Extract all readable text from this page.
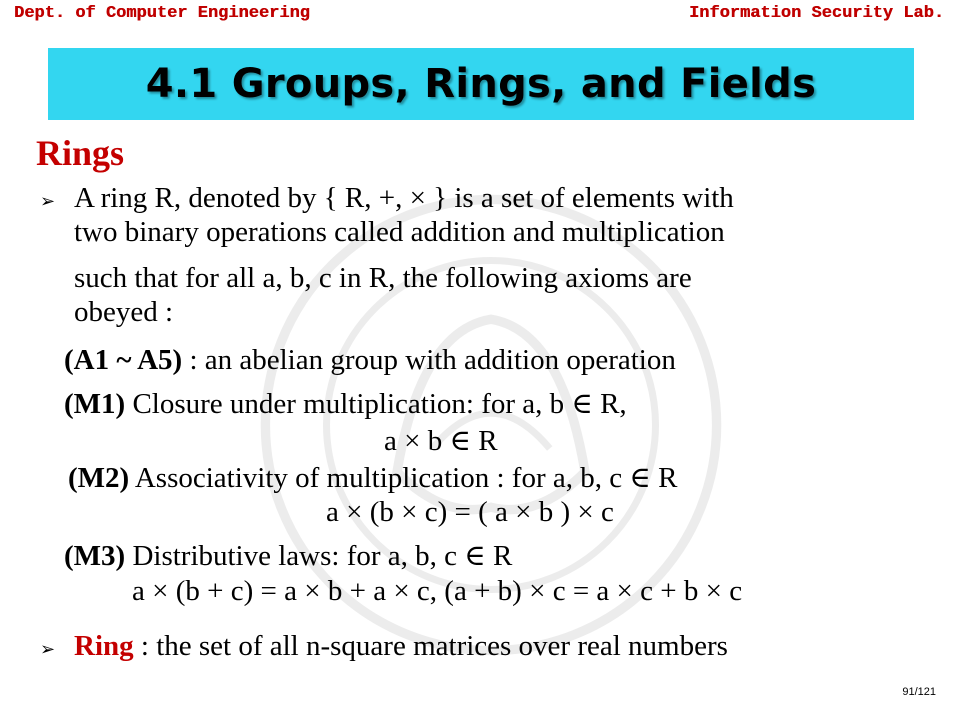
Dept. of Computer Engineering	Information Security Lab.
4.1 Groups, Rings, and Fields
Rings
➢ A ring R, denoted by { R, +, × } is a set of elements with
two binary operations called addition and multiplication
such that for all a, b, c in R, the following axioms are
obeyed :
(A1 ~ A5) : an abelian group with addition operation
(M1) Closure under multiplication: for a, b ∈ R,
a × b ∈ R
(M2) Associativity of multiplication : for a, b, c ∈ R
a × (b × c) = ( a × b ) × c
(M3) Distributive laws: for a, b, c ∈ R
a × (b + c) = a × b + a × c, (a + b) × c = a × c + b × c
➢ Ring : the set of all n-square matrices over real numbers
91/121
